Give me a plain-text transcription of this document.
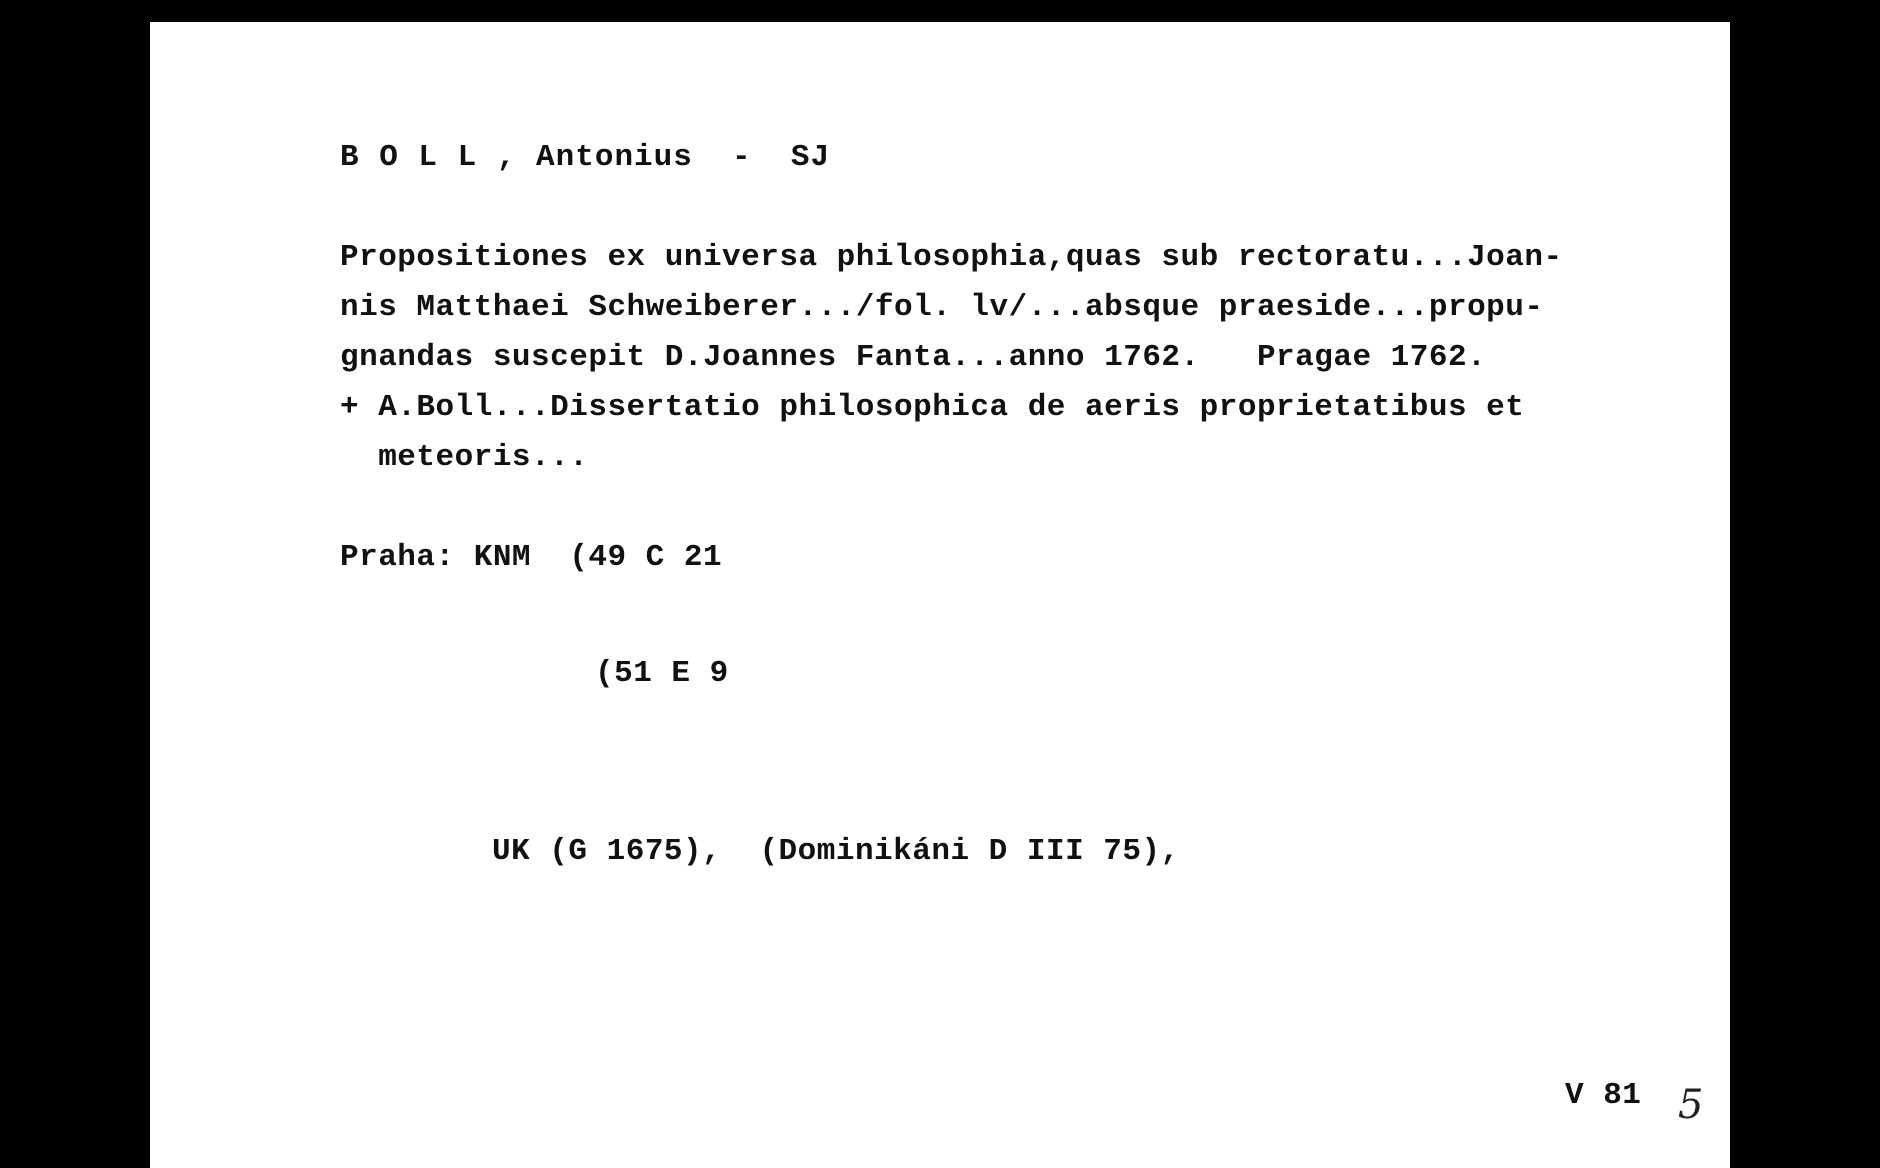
B O L L , Antonius  -  SJ
Propositiones ex universa philosophia,quas sub rectoratu...Joan-
nis Matthaei Schweiberer.../fol. lv/...absque praeside...propu-
gnandas suscepit D.Joannes Fanta...anno 1762.   Pragae 1762.
+ A.Boll...Dissertatio philosophica de aeris proprietatibus et
meteoris...
Praha: KNM  (49 C 21
(51 E 9
UK (G 1675),  (Dominikáni D III 75),
V 81 5
